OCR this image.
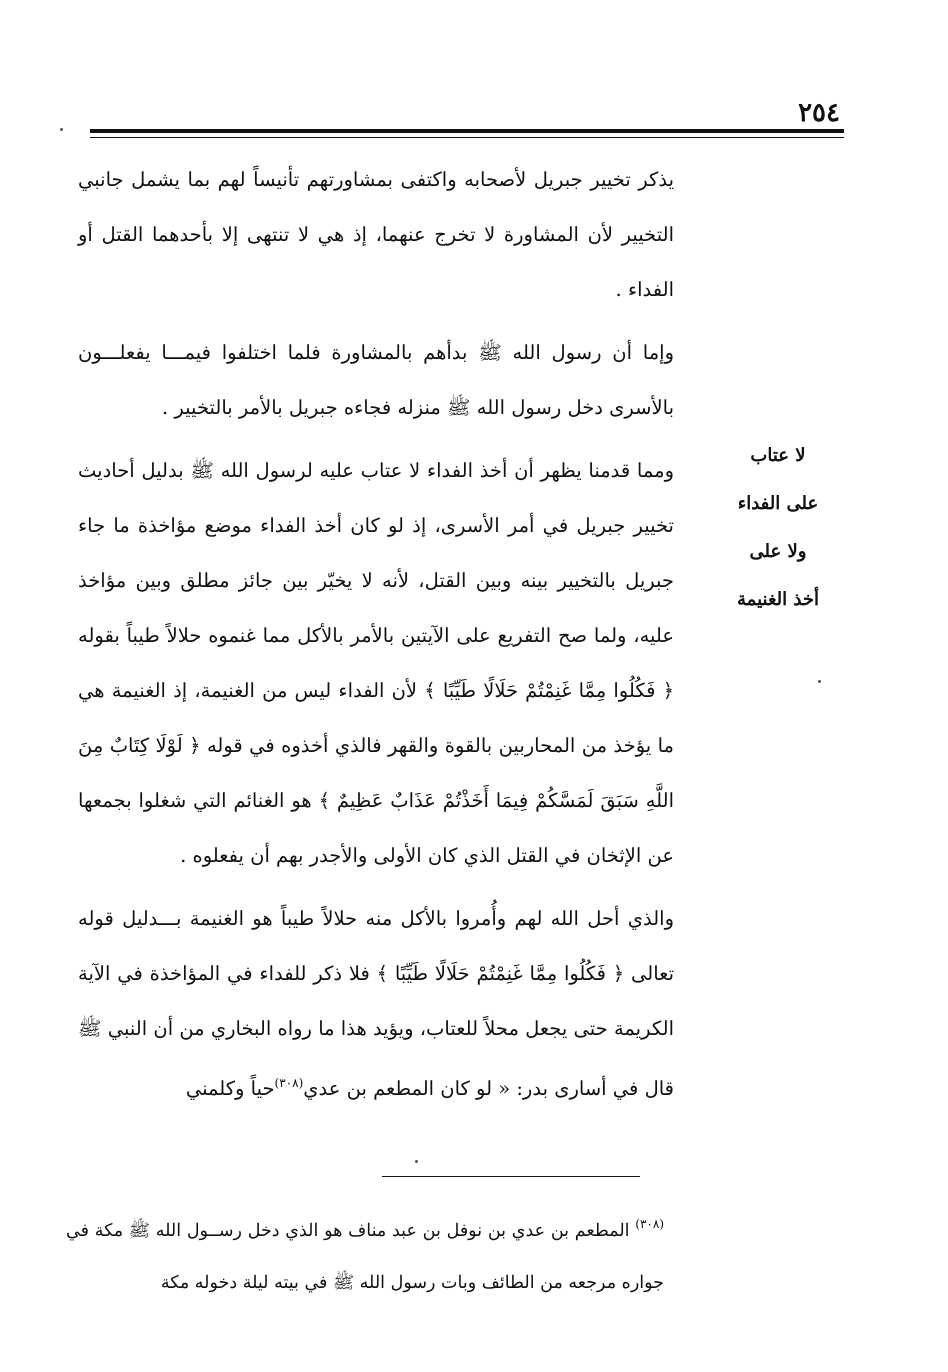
٢٥٤

يذكر تخيير جبريل لأصحابه واكتفى بمشاورتهم تأنيساً لهم بما يشمل جانبي التخيير لأن المشاورة لا تخرج عنهما، إذ هي لا تنتهى إلا بأحدهما القتل أو الفداء .

وإما أن رسول الله ﷺ بدأهم بالمشاورة فلما اختلفوا فيمـــا يفعلـــون بالأسرى دخل رسول الله ﷺ منزله فجاءه جبريل بالأمر بالتخيير .

ومما قدمنا يظهر أن أخذ الفداء لا عتاب عليه لرسول الله ﷺ بدليل أحاديث تخيير جبريل في أمر الأسرى، إذ لو كان أخذ الفداء موضع مؤاخذة ما جاء جبريل بالتخيير بينه وبين القتل، لأنه لا يخيّر بين جائز مطلق وبين مؤاخذ عليه، ولما صح التفريع على الآيتين بالأمر بالأكل مما غنموه حلالاً طيباً بقوله ﴿ فَكُلُوا مِمَّا غَنِمْتُمْ حَلَالًا طَيِّبًا ﴾ لأن الفداء ليس من الغنيمة، إذ الغنيمة هي ما يؤخذ من المحاربين بالقوة والقهر فالذي أخذوه في قوله ﴿ لَوْلَا كِتَابٌ مِنَ اللَّهِ سَبَقَ لَمَسَّكُمْ فِيمَا أَخَذْتُمْ عَذَابٌ عَظِيمٌ ﴾ هو الغنائم التي شغلوا بجمعها عن الإثخان في القتل الذي كان الأولى والأجدر بهم أن يفعلوه .

والذي أحل الله لهم وأُمروا بالأكل منه حلالاً طيباً هو الغنيمة بـــدليل قوله تعالى ﴿ فَكُلُوا مِمَّا غَنِمْتُمْ حَلَالًا طَيِّبًا ﴾ فلا ذكر للفداء في المؤاخذة في الآية الكريمة حتى يجعل محلاً للعتاب، ويؤيد هذا ما رواه البخاري من أن النبي ﷺ قال في أسارى بدر: « لو كان المطعم بن عدي$^{(٣٠٨)}$حياً وكلمني

لا عتاب
على الفداء
ولا على
أخذ الغنيمة

$^{(٣٠٨)}$ المطعم بن عدي بن نوفل بن عبد مناف هو الذي دخل رســول الله ﷺ مكة في جواره مرجعه من الطائف وبات رسول الله ﷺ في بيته ليلة دخوله مكة
